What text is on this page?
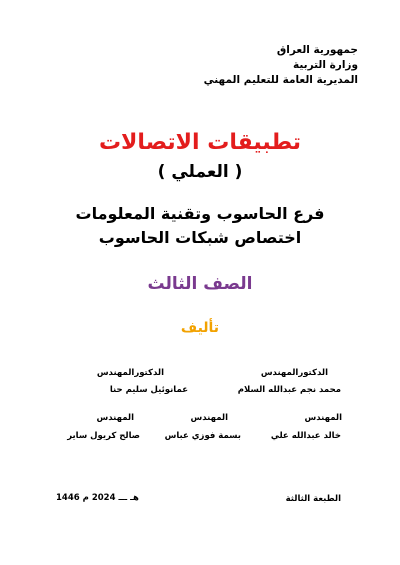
جمهورية العراق
وزارة التربية
المديرية العامة للتعليم المهني
تطبيقات الاتصالات
( العملي )
فرع الحاسوب وتقنية المعلومات
اختصاص شبكات الحاسوب
الصف الثالث
تأليف
الدكتورالمهندس
محمد نجم عبدالله السلام
الدكتورالمهندس
عمانوئيل سليم حنا
المهندس
خالد عبدالله علي
المهندس
بسمة فوزي عباس
المهندس
صالح كريول ساير
الطبعة الثالثة
1446 هـ ـــ 2024 م
